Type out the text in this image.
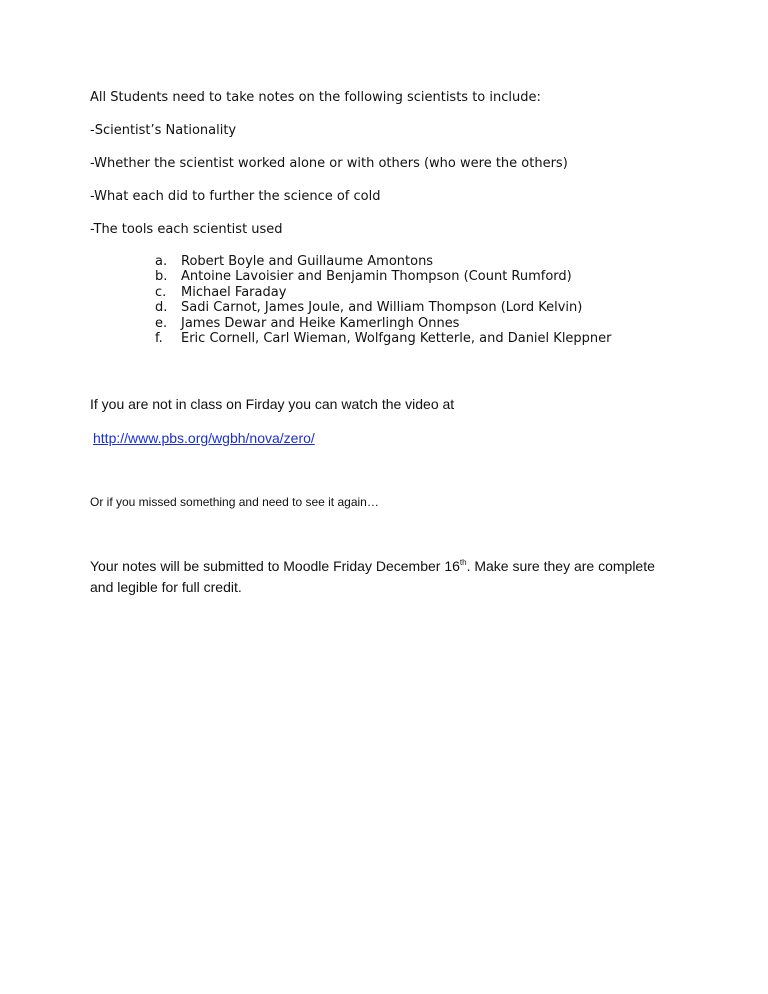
All Students need to take notes on the following scientists to include:
-Scientist’s Nationality
-Whether the scientist worked alone or with others (who were the others)
-What each did to further the science of cold
-The tools each scientist used
a. Robert Boyle and Guillaume Amontons
b. Antoine Lavoisier and Benjamin Thompson (Count Rumford)
c. Michael Faraday
d. Sadi Carnot, James Joule, and William Thompson (Lord Kelvin)
e. James Dewar and Heike Kamerlingh Onnes
f. Eric Cornell, Carl Wieman, Wolfgang Ketterle, and Daniel Kleppner
If you are not in class on Firday you can watch the video at
http://www.pbs.org/wgbh/nova/zero/
Or if you missed something and need to see it again…
Your notes will be submitted to Moodle Friday December 16th. Make sure they are complete and legible for full credit.
